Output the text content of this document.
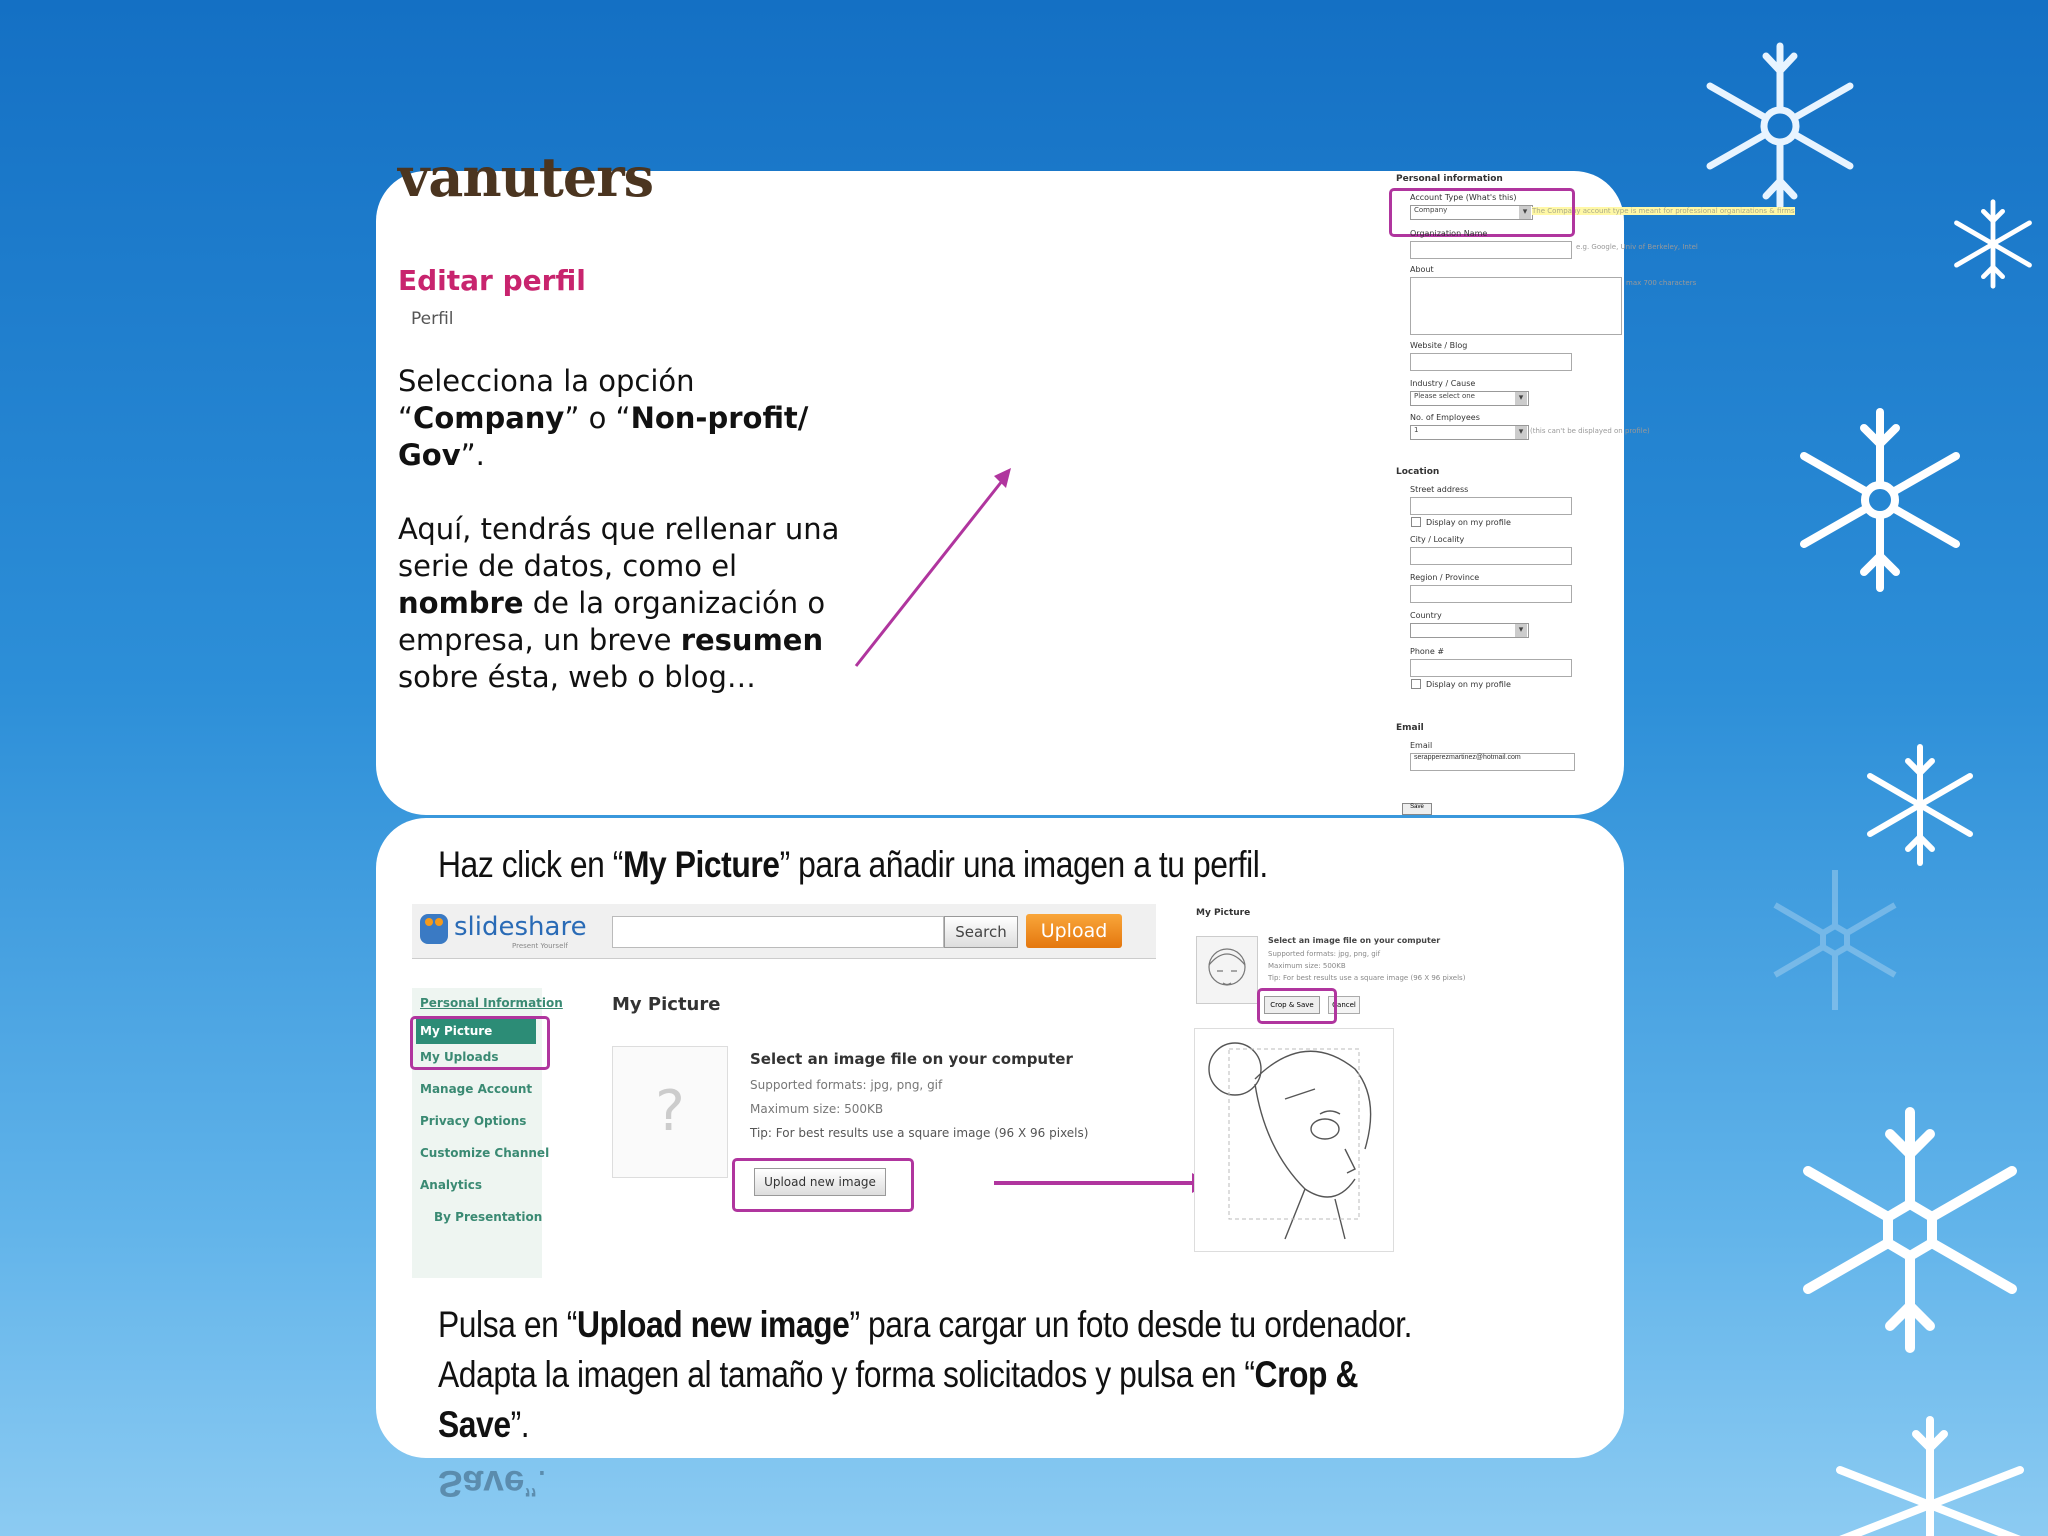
vanuters
Editar perfil
Perfil
Selecciona la opción
“Company” o “Non-profit/
Gov”.
Aquí, tendrás que rellenar una
serie de datos, como el
nombre de la organización o
empresa, un breve resumen
sobre ésta, web o blog…
Personal information
Account Type (What's this)
Company ▾	The Company account type is meant for professional organizations & firms
Organization Name
e.g. Google, Univ of Berkeley, Intel
About
max 700 characters
Website / Blog
Industry / Cause
Please select one ▾
No. of Employees
1 ▾	(this can't be displayed on profile)
Location
Street address
Display on my profile
City / Locality
Region / Province
Country
▾
Phone #
Display on my profile
Email
Email
serapperezmartinez@hotmail.com
Save
Haz click en “My Picture” para añadir una imagen a tu perfil.
slideshare
Present Yourself
Search	Upload
Personal Information
My Picture
My Uploads
Manage Account
Privacy Options
Customize Channel
Analytics
By Presentation
My Picture
?
Select an image file on your computer
Supported formats: jpg, png, gif
Maximum size: 500KB
Tip: For best results use a square image (96 X 96 pixels)
Upload new image
My Picture
Select an image file on your computer
Supported formats: jpg, png, gif
Maximum size: 500KB
Tip: For best results use a square image (96 X 96 pixels)
Crop & Save	Cancel
Pulsa en “Upload new image” para cargar un foto desde tu ordenador.
Adapta la imagen al tamaño y forma solicitados y pulsa en “Crop &
Save”.
Save”.
